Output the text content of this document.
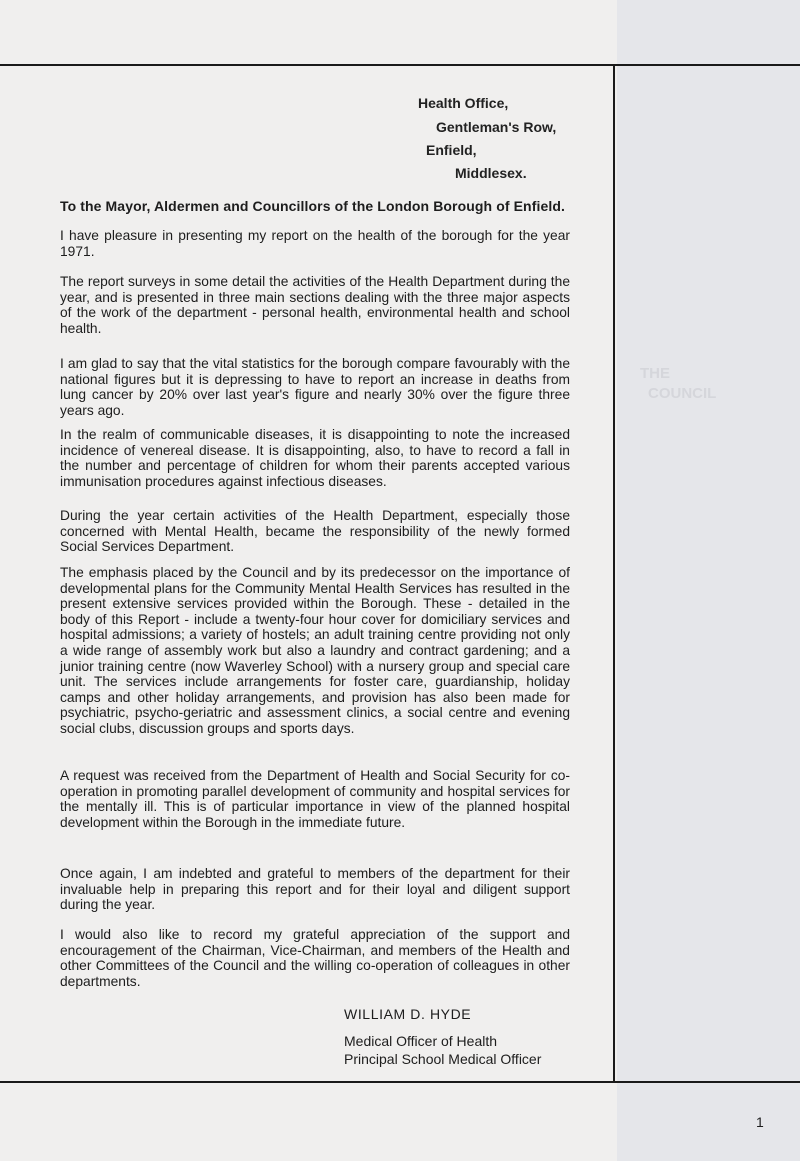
THE
COUNCIL
Health Office,
Gentleman's Row,
Enfield,
Middlesex.

To the Mayor, Aldermen and Councillors of the London Borough of Enfield.

I have pleasure in presenting my report on the health of the borough for the year 1971.

The report surveys in some detail the activities of the Health Department during the year, and is presented in three main sections dealing with the three major aspects of the work of the department - personal health, environmental health and school health.

I am glad to say that the vital statistics for the borough compare favourably with the national figures but it is depressing to have to report an increase in deaths from lung cancer by 20% over last year's figure and nearly 30% over the figure three years ago.

In the realm of communicable diseases, it is disappointing to note the increased incidence of venereal disease. It is disappointing, also, to have to record a fall in the number and percentage of children for whom their parents accepted various immunisation procedures against infectious diseases.

During the year certain activities of the Health Department, especially those concerned with Mental Health, became the responsibility of the newly formed Social Services Department.

The emphasis placed by the Council and by its predecessor on the importance of developmental plans for the Community Mental Health Services has resulted in the present extensive services provided within the Borough. These - detailed in the body of this Report - include a twenty-four hour cover for domiciliary services and hospital admissions; a variety of hostels; an adult training centre providing not only a wide range of assembly work but also a laundry and contract gardening; and a junior training centre (now Waverley School) with a nursery group and special care unit. The services include arrangements for foster care, guardianship, holiday camps and other holiday arrangements, and provision has also been made for psychiatric, psycho-geriatric and assessment clinics, a social centre and evening social clubs, discussion groups and sports days.

A request was received from the Department of Health and Social Security for co-operation in promoting parallel development of community and hospital services for the mentally ill. This is of particular importance in view of the planned hospital development within the Borough in the immediate future.

Once again, I am indebted and grateful to members of the department for their invaluable help in preparing this report and for their loyal and diligent support during the year.

I would also like to record my grateful appreciation of the support and encouragement of the Chairman, Vice-Chairman, and members of the Health and other Committees of the Council and the willing co-operation of colleagues in other departments.

WILLIAM D. HYDE

Medical Officer of Health

Principal School Medical Officer

1
